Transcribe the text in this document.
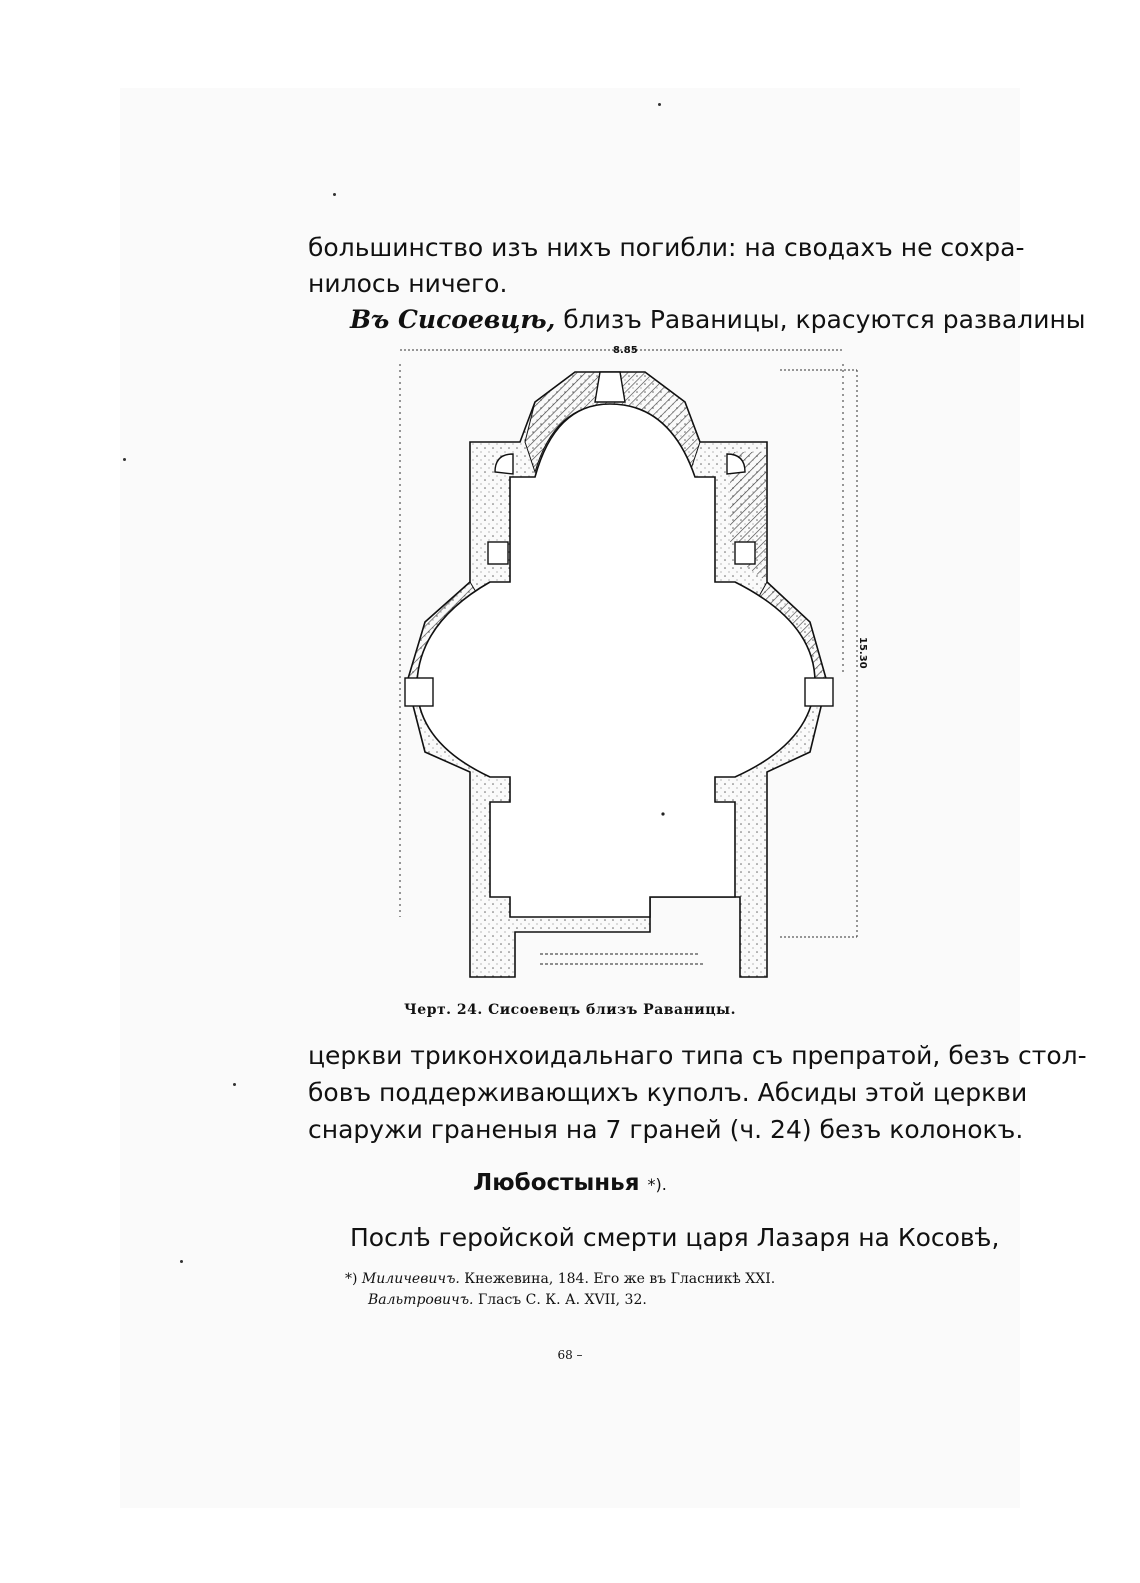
большинство изъ нихъ погибли: на сводахъ не сохра-
нилось ничего.
Въ Сисоевцѣ, близъ Раваницы, красуются развалины
8.85
15.30
Черт. 24. Сисоевецъ близъ Раваницы.
церкви триконхоидальнаго типа съ препратой, безъ стол-
бовъ поддерживающихъ куполъ. Абсиды этой церкви
снаружи граненыя на 7 граней (ч. 24) безъ колонокъ.
Любостынья *).
Послѣ геройской смерти царя Лазаря на Косовѣ,
*) Миличевичъ. Кнежевина, 184. Его же въ Гласникѣ XXI.
Вальтровичъ. Гласъ С. К. А. XVII, 32.
68 –
